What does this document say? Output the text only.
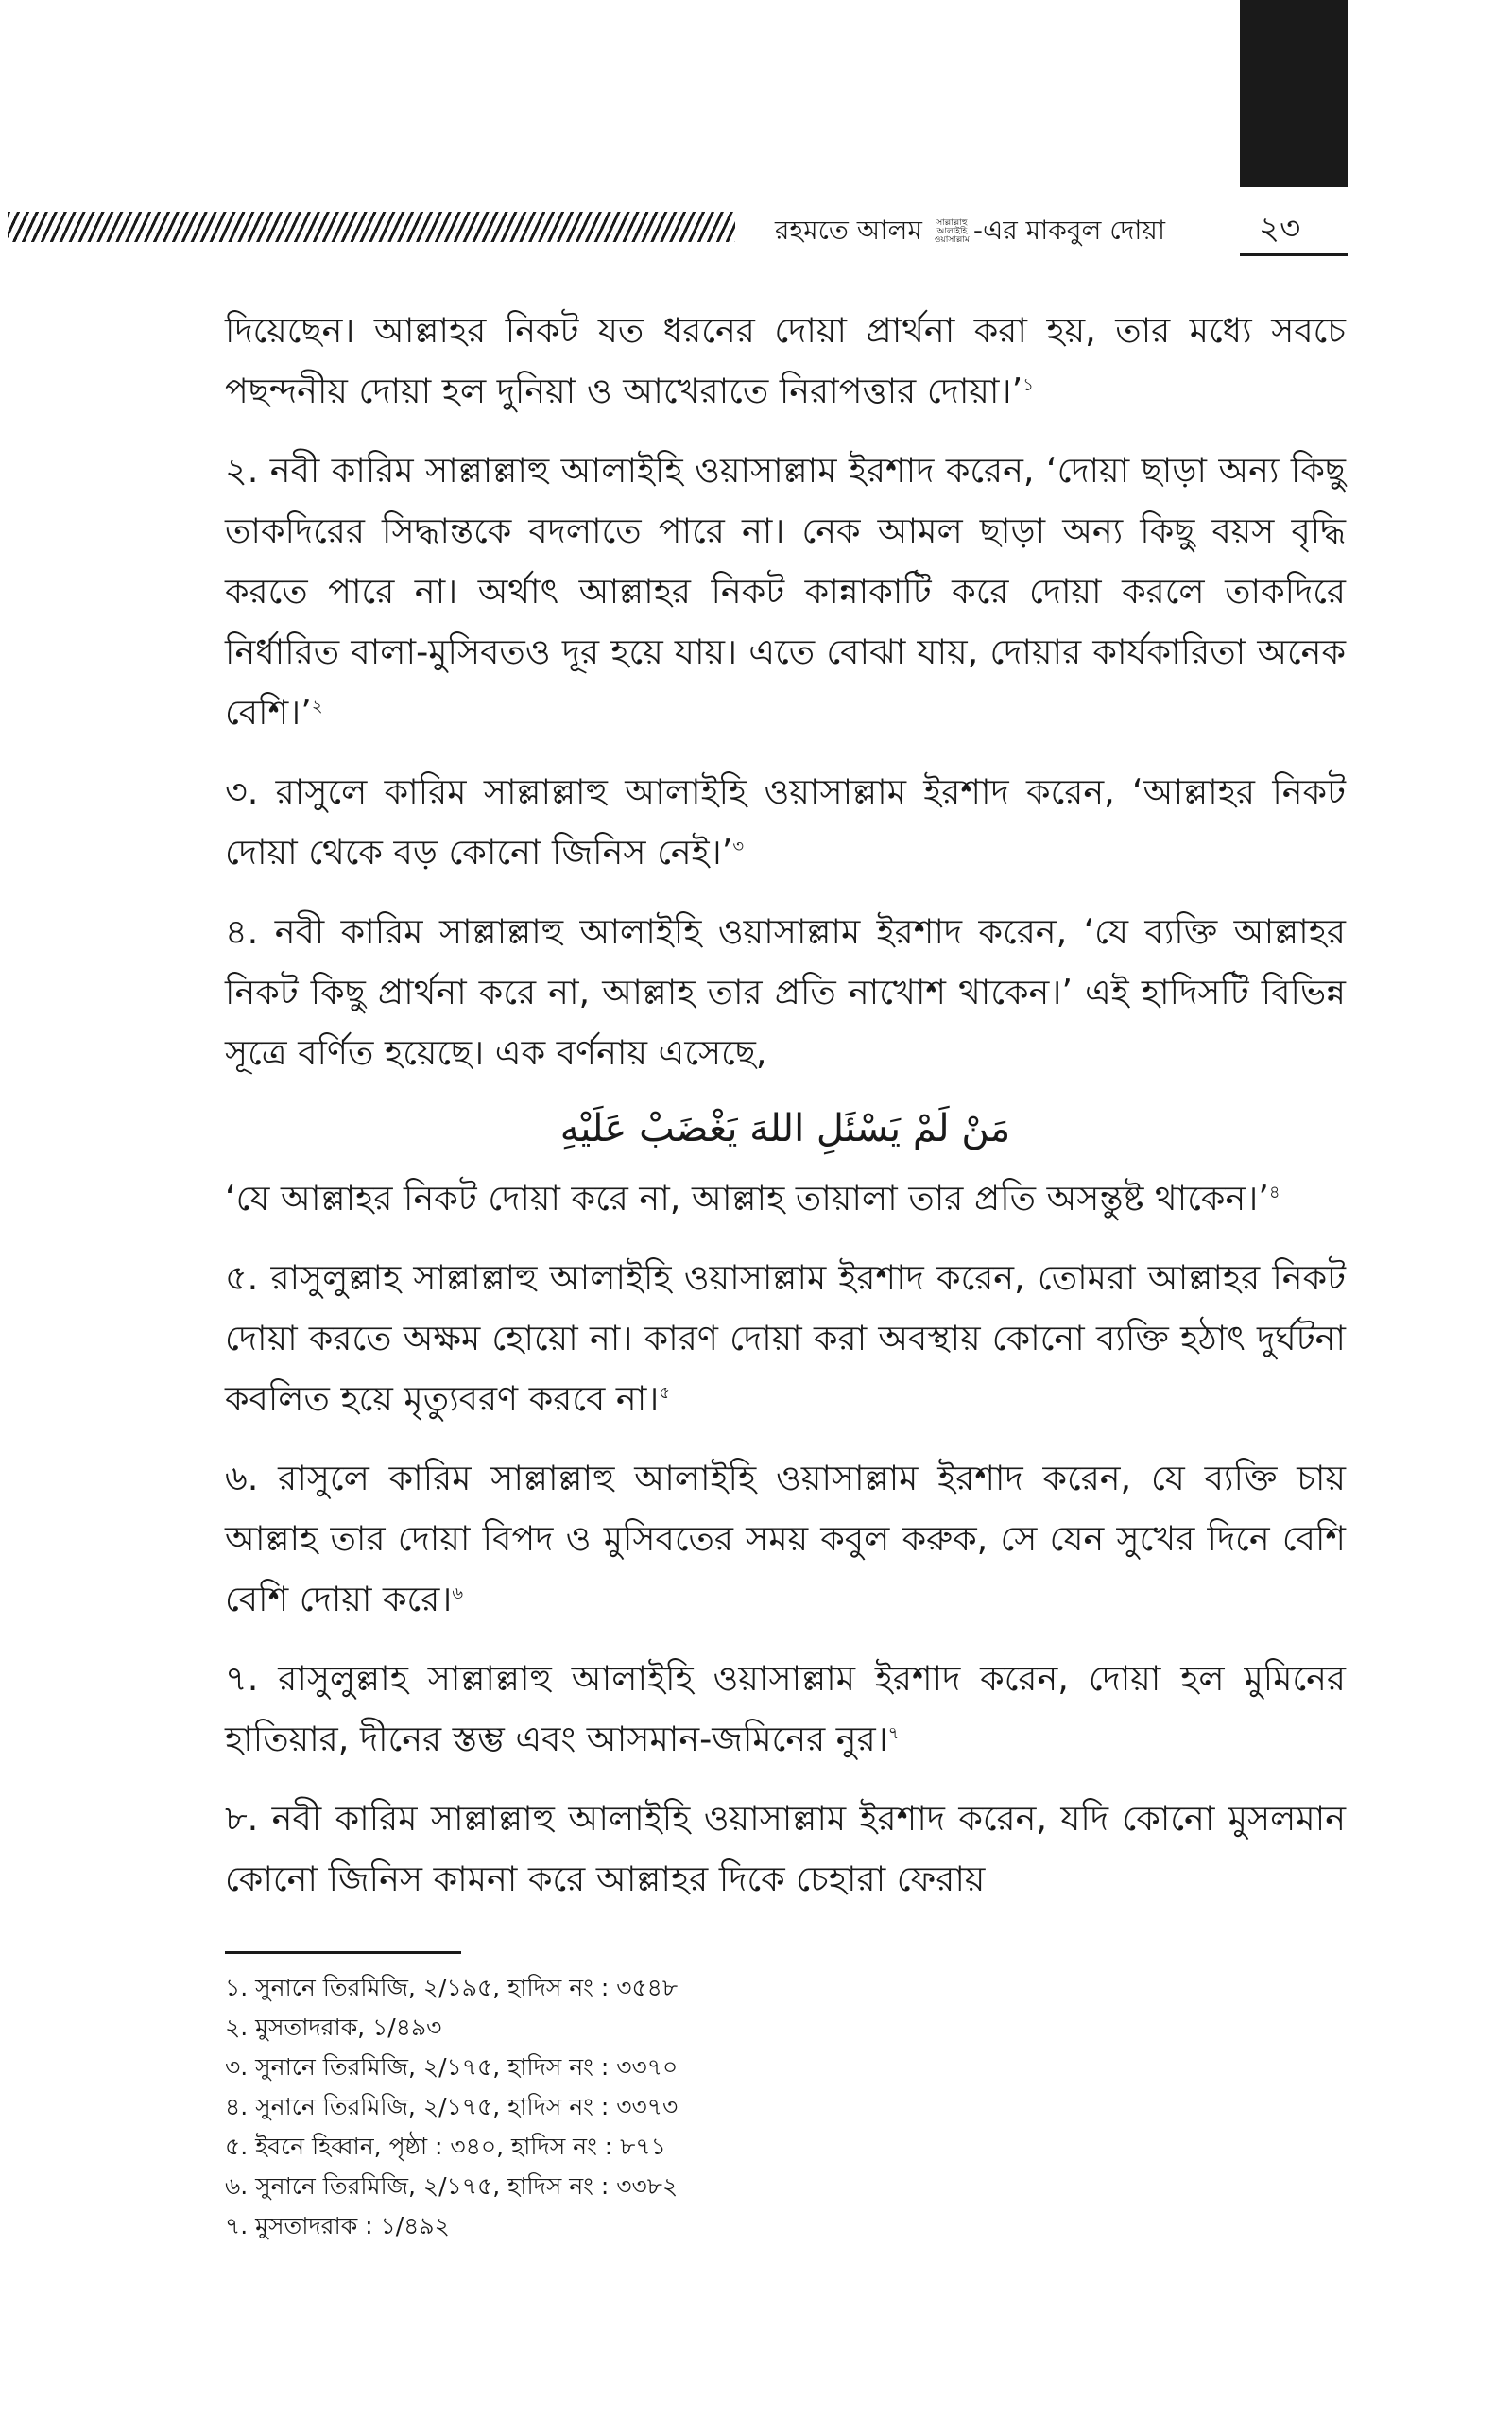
রহমতে আলম সাল্লাল্লাহু
আলাইহি
ওয়াসাল্লাম -এর মাকবুল দোয়া	২৩

দিয়েছেন। আল্লাহর নিকট যত ধরনের দোয়া প্রার্থনা করা হয়, তার মধ্যে সবচে পছন্দনীয় দোয়া হল দুনিয়া ও আখেরাতে নিরাপত্তার দোয়া।’$^১$

২. নবী কারিম সাল্লাল্লাহু আলাইহি ওয়াসাল্লাম ইরশাদ করেন, ‘দোয়া ছাড়া অন্য কিছু তাকদিরের সিদ্ধান্তকে বদলাতে পারে না। নেক আমল ছাড়া অন্য কিছু বয়স বৃদ্ধি করতে পারে না। অর্থাৎ আল্লাহর নিকট কান্নাকাটি করে দোয়া করলে তাকদিরে নির্ধারিত বালা-মুসিবতও দূর হয়ে যায়। এতে বোঝা যায়, দোয়ার কার্যকারিতা অনেক বেশি।’$^২$

৩. রাসুলে কারিম সাল্লাল্লাহু আলাইহি ওয়াসাল্লাম ইরশাদ করেন, ‘আল্লাহর নিকট দোয়া থেকে বড় কোনো জিনিস নেই।’$^৩$

৪. নবী কারিম সাল্লাল্লাহু আলাইহি ওয়াসাল্লাম ইরশাদ করেন, ‘যে ব্যক্তি আল্লাহর নিকট কিছু প্রার্থনা করে না, আল্লাহ তার প্রতি নাখোশ থাকেন।’ এই হাদিসটি বিভিন্ন সূত্রে বর্ণিত হয়েছে। এক বর্ণনায় এসেছে,

مَنْ لَمْ يَسْئَلِ اللهَ يَغْضَبْ عَلَيْهِ

‘যে আল্লাহর নিকট দোয়া করে না, আল্লাহ তায়ালা তার প্রতি অসন্তুষ্ট থাকেন।’$^৪$

৫. রাসুলুল্লাহ সাল্লাল্লাহু আলাইহি ওয়াসাল্লাম ইরশাদ করেন, তোমরা আল্লাহর নিকট দোয়া করতে অক্ষম হোয়ো না। কারণ দোয়া করা অবস্থায় কোনো ব্যক্তি হঠাৎ দুর্ঘটনা কবলিত হয়ে মৃত্যুবরণ করবে না।$^৫$

৬. রাসুলে কারিম সাল্লাল্লাহু আলাইহি ওয়াসাল্লাম ইরশাদ করেন, যে ব্যক্তি চায় আল্লাহ তার দোয়া বিপদ ও মুসিবতের সময় কবুল করুক, সে যেন সুখের দিনে বেশি বেশি দোয়া করে।$^৬$

৭. রাসুলুল্লাহ সাল্লাল্লাহু আলাইহি ওয়াসাল্লাম ইরশাদ করেন, দোয়া হল মুমিনের হাতিয়ার, দীনের স্তম্ভ এবং আসমান-জমিনের নুর।$^৭$

৮. নবী কারিম সাল্লাল্লাহু আলাইহি ওয়াসাল্লাম ইরশাদ করেন, যদি কোনো মুসলমান কোনো জিনিস কামনা করে আল্লাহর দিকে চেহারা ফেরায়

১. সুনানে তিরমিজি, ২/১৯৫, হাদিস নং : ৩৫৪৮
২. মুসতাদরাক, ১/৪৯৩
৩. সুনানে তিরমিজি, ২/১৭৫, হাদিস নং : ৩৩৭০
৪. সুনানে তিরমিজি, ২/১৭৫, হাদিস নং : ৩৩৭৩
৫. ইবনে হিব্বান, পৃষ্ঠা : ৩৪০, হাদিস নং : ৮৭১
৬. সুনানে তিরমিজি, ২/১৭৫, হাদিস নং : ৩৩৮২
৭. মুসতাদরাক : ১/৪৯২
